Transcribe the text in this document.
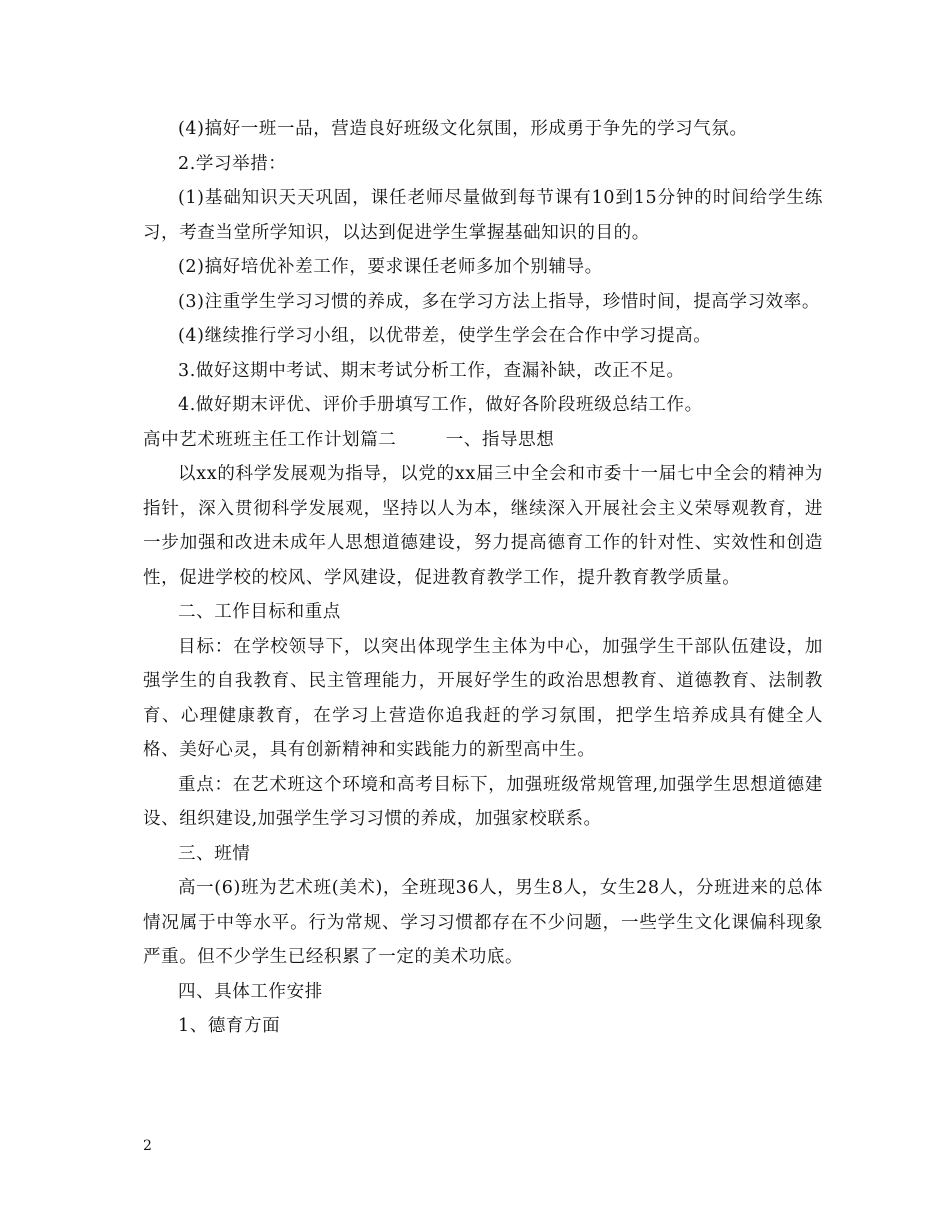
(4)搞好一班一品，营造良好班级文化氛围，形成勇于争先的学习气氛。

2.学习举措：

(1)基础知识天天巩固，课任老师尽量做到每节课有10到15分钟的时间给学生练习，考查当堂所学知识，以达到促进学生掌握基础知识的目的。

(2)搞好培优补差工作，要求课任老师多加个别辅导。

(3)注重学生学习习惯的养成，多在学习方法上指导，珍惜时间，提高学习效率。

(4)继续推行学习小组，以优带差，使学生学会在合作中学习提高。

3.做好这期中考试、期末考试分析工作，查漏补缺，改正不足。

4.做好期末评优、评价手册填写工作，做好各阶段班级总结工作。

高中艺术班班主任工作计划篇二        一、指导思想

以xx的科学发展观为指导，以党的xx届三中全会和市委十一届七中全会的精神为指针，深入贯彻科学发展观，坚持以人为本，继续深入开展社会主义荣辱观教育，进一步加强和改进未成年人思想道德建设，努力提高德育工作的针对性、实效性和创造性，促进学校的校风、学风建设，促进教育教学工作，提升教育教学质量。

二、工作目标和重点

目标：在学校领导下，以突出体现学生主体为中心，加强学生干部队伍建设，加强学生的自我教育、民主管理能力，开展好学生的政治思想教育、道德教育、法制教育、心理健康教育，在学习上营造你追我赶的学习氛围，把学生培养成具有健全人格、美好心灵，具有创新精神和实践能力的新型高中生。

重点：在艺术班这个环境和高考目标下，加强班级常规管理,加强学生思想道德建设、组织建设,加强学生学习习惯的养成，加强家校联系。

三、班情

高一(6)班为艺术班(美术)，全班现36人，男生8人，女生28人，分班进来的总体情况属于中等水平。行为常规、学习习惯都存在不少问题，一些学生文化课偏科现象严重。但不少学生已经积累了一定的美术功底。

四、具体工作安排

1、德育方面

2
